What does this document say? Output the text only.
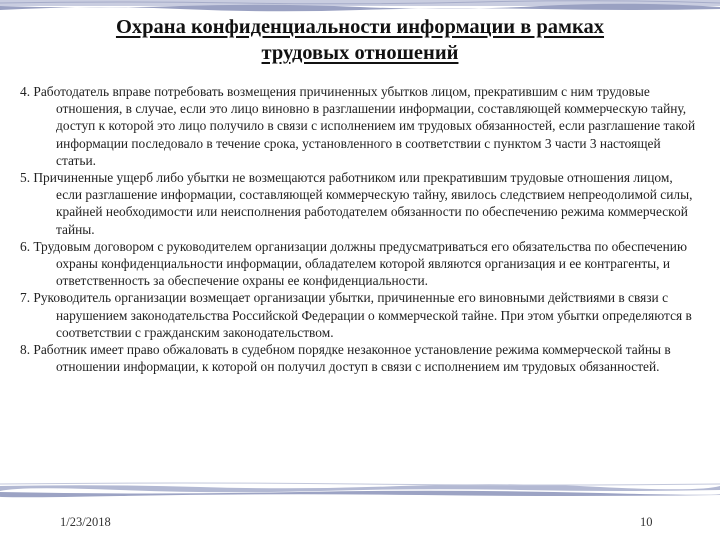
Охрана конфиденциальности информации в рамках
трудовых отношений

4. Работодатель вправе потребовать возмещения причиненных убытков лицом, прекратившим с ним трудовые отношения, в случае, если это лицо виновно в разглашении информации, составляющей коммерческую тайну, доступ к которой это лицо получило в связи с исполнением им трудовых обязанностей, если разглашение такой информации последовало в течение срока, установленного в соответствии с пунктом 3 части 3 настоящей статьи.

5. Причиненные ущерб либо убытки не возмещаются работником или прекратившим трудовые отношения лицом, если разглашение информации, составляющей коммерческую тайну, явилось следствием непреодолимой силы, крайней необходимости или неисполнения работодателем обязанности по обеспечению режима коммерческой тайны.

6. Трудовым договором с руководителем организации должны предусматриваться его обязательства по обеспечению охраны конфиденциальности информации, обладателем которой являются организация и ее контрагенты, и ответственность за обеспечение охраны ее конфиденциальности.

7. Руководитель организации возмещает организации убытки, причиненные его виновными действиями в связи с нарушением законодательства Российской Федерации о коммерческой тайне. При этом убытки определяются в соответствии с гражданским законодательством.

8. Работник имеет право обжаловать в судебном порядке незаконное установление режима коммерческой тайны в отношении информации, к которой он получил доступ в связи с исполнением им трудовых обязанностей.

1/23/2018	10
